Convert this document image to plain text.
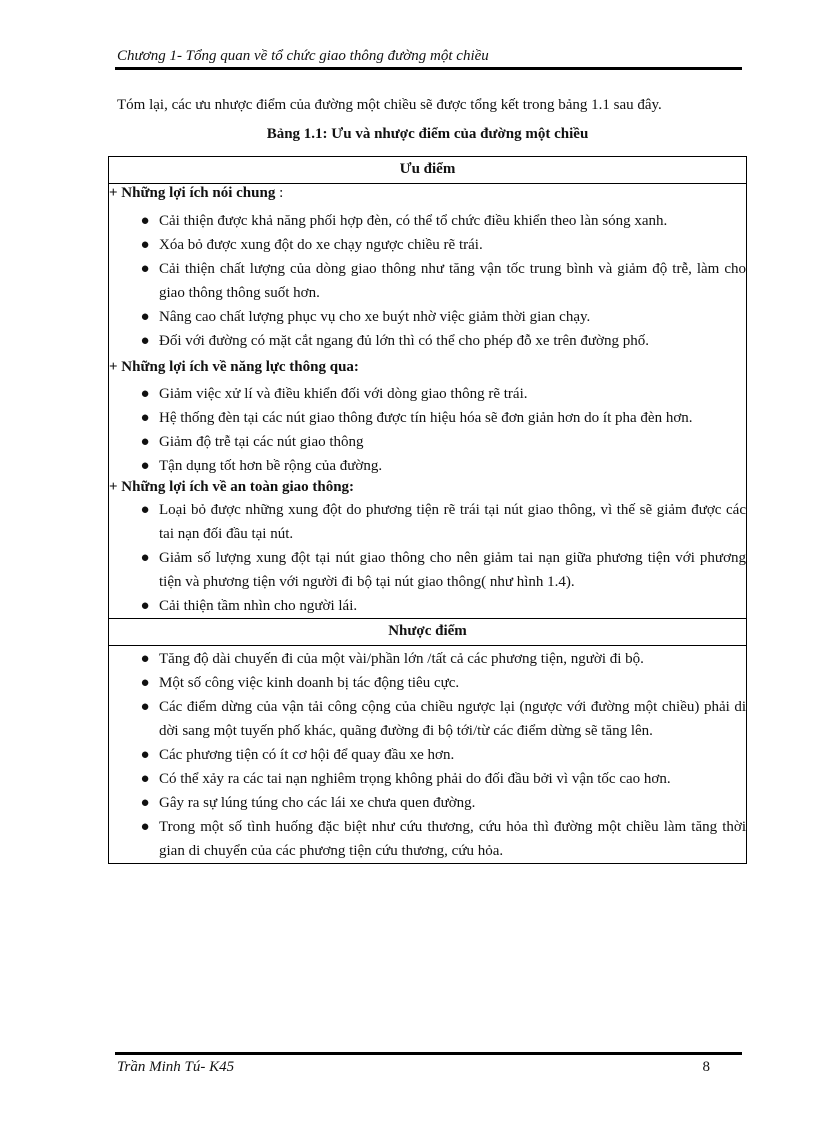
Chương 1- Tổng quan về tổ chức giao thông đường một chiều
Tóm lại, các ưu nhược điểm của đường một chiều sẽ được tổng kết trong bảng 1.1 sau đây.
Bảng 1.1: Ưu và nhược điểm của đường một chiều
Ưu điểm

+ Những lợi ích nói chung :

● Cải thiện được khả năng phối hợp đèn, có thể tổ chức điều khiển theo làn sóng xanh.
● Xóa bỏ được xung đột do xe chạy ngược chiều rẽ trái.
● Cải thiện chất lượng của dòng giao thông như tăng vận tốc trung bình và giảm độ trễ, làm cho giao thông thông suốt hơn.
● Nâng cao chất lượng phục vụ cho xe buýt nhờ việc giảm thời gian chạy.
● Đối với đường có mặt cắt ngang đủ lớn thì có thể cho phép đỗ xe trên đường phố.

+ Những lợi ích về năng lực thông qua:

● Giảm việc xử lí và điều khiển đối với dòng giao thông rẽ trái.
● Hệ thống đèn tại các nút giao thông được tín hiệu hóa sẽ đơn giản hơn do ít pha đèn hơn.
● Giảm độ trễ tại các nút giao thông
● Tận dụng tốt hơn bề rộng của đường.

+ Những lợi ích về an toàn giao thông:

● Loại bỏ được những xung đột do phương tiện rẽ trái tại nút giao thông, vì thế sẽ giảm được các tai nạn đối đầu tại nút.
● Giảm số lượng xung đột tại nút giao thông cho nên giảm tai nạn giữa phương tiện với phương tiện và phương tiện với người đi bộ tại nút giao thông( như hình 1.4).
● Cải thiện tầm nhìn cho người lái.

Nhược điểm

● Tăng độ dài chuyến đi của một vài/phần lớn /tất cả các phương tiện, người đi bộ.
● Một số công việc kinh doanh bị tác động tiêu cực.
● Các điểm dừng của vận tải công cộng của chiều ngược lại (ngược với đường một chiều) phải di dời sang một tuyến phố khác, quãng đường đi bộ tới/từ các điểm dừng sẽ tăng lên.
● Các phương tiện có ít cơ hội để quay đầu xe hơn.
● Có thể xảy ra các tai nạn nghiêm trọng không phải do đối đầu bởi vì vận tốc cao hơn.
● Gây ra sự lúng túng cho các lái xe chưa quen đường.
● Trong một số tình huống đặc biệt như cứu thương, cứu hỏa thì đường một chiều làm tăng thời gian di chuyển của các phương tiện cứu thương, cứu hỏa.
Trần Minh Tú- K45	8
